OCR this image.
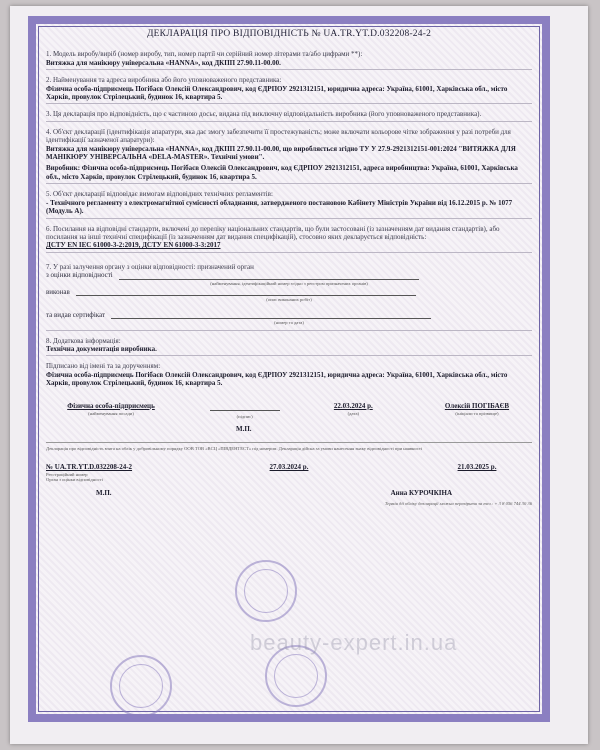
ДЕКЛАРАЦІЯ ПРО ВІДПОВІДНІСТЬ № UA.TR.YT.D.032208-24-2
1. Модель виробу/виріб (номер виробу, тип, номер партії чи серійний номер літерами та/або цифрами **):
Витяжка для манікюру універсальна «HANNA», код ДКПП 27.90.11-00.00.
2. Найменування та адреса виробника або його уповноваженого представника:
Фізична особа-підприємець Погібаєв Олексій Олександрович, код ЄДРПОУ 2921312151, юридична адреса: Україна, 61001, Харківська обл., місто Харків, провулок Стрілецький, будинок 16, квартира 5.
3. Ця декларація про відповідність, що є частиною досьє, видана під виключну відповідальність виробника (його уповноваженого представника).
4. Об'єкт декларації (ідентифікація апаратури, яка дає змогу забезпечити її простежуваність; може включати кольорове чітке зображення у разі потреби для ідентифікації зазначеної апаратури):
Витяжка для манікюру універсальна «HANNA», код ДКПП 27.90.11-00.00, що виробляється згідно ТУ У 27.9-2921312151-001:2024 "ВИТЯЖКА ДЛЯ МАНІКЮРУ УНІВЕРСАЛЬНА «DELA-MASTER». Технічні умови".
Виробник: Фізична особа-підприємець Погібаєв Олексій Олександрович, код ЄДРПОУ 2921312151, адреса виробництва: Україна, 61001, Харківська обл., місто Харків, провулок Стрілецький, будинок 16, квартира 5.
5. Об'єкт декларації відповідає вимогам відповідних технічних регламентів:
- Технічного регламенту з електромагнітної сумісності обладнання, затвердженого постановою Кабінету Міністрів України від 16.12.2015 р. № 1077 (Модуль А).
6. Посилання на відповідні стандарти, включені до переліку національних стандартів, що були застосовані (із зазначенням дат видання стандартів), або посилання на інші технічні специфікації (із зазначенням дат видання специфікацій), стосовно яких декларується відповідність:
ДСТУ EN IEC 61000-3-2:2019, ДСТУ EN 61000-3-3:2017
7. У разі залучення органу з оцінки відповідності: призначений орган
з оцінки відповідності
(найменування, ідентифікаційний номер згідно з реєстром призначених органів)
виконав
(опис виконаних робіт)
та видав сертифікат
(номер та дата)
8. Додаткова інформація:
Технічна документація виробника.
Підписано від імені та за дорученням:
Фізична особа-підприємець Погібаєв Олексій Олександрович, код ЄДРПОУ 2921312151, юридична адреса: Україна, 61001, Харківська обл., місто Харків, провулок Стрілецький, будинок 16, квартира 5.
Фізична особа-підприємець
(найменування посади)
(підпис)
22.03.2024 р.
(дата)
Олексій ПОГІБАЄВ
(ініціали та прізвище)
М.П.
Декларація про відповідність взята на облік у добровільному порядку ООВ ТОВ «ВСЦ «ПІВДЕНТЕСТ» під номером. Декларація дійсна за умови нанесення знаку відповідності при наявності
№ UA.TR.YT.D.032208-24-2
Реєстраційний номер
Орган з оцінки відповідності
27.03.2024 р.	21.03.2025 р.
М.П.	Анна КУРОЧКІНА
Термін дії обліку декларації можна перевірити за тел.: + 3 8 056 744 30 36
beauty-expert.in.ua
